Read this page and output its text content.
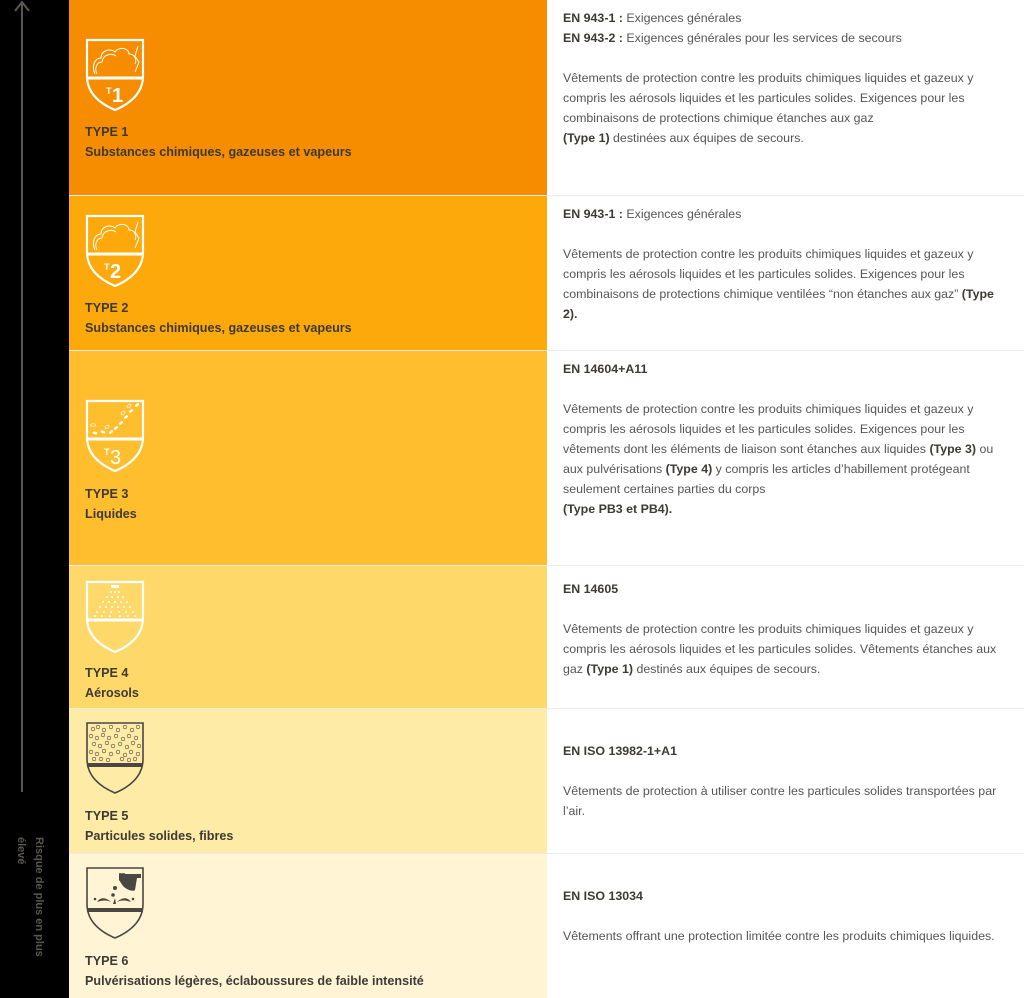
Risque de plus en plus
élevé
T 1
TYPE 1
Substances chimiques, gazeuses et vapeurs

EN 943-1 : Exigences générales

EN 943-2 : Exigences générales pour les services de secours

Vêtements de protection contre les produits chimiques liquides et gazeux y compris les aérosols liquides et les particules solides. Exigences pour les combinaisons de protections chimique étanches aux gaz
(Type 1) destinées aux équipes de secours.

T 2
TYPE 2
Substances chimiques, gazeuses et vapeurs

EN 943-1 : Exigences générales

Vêtements de protection contre les produits chimiques liquides et gazeux y compris les aérosols liquides et les particules solides. Exigences pour les combinaisons de protections chimique ventilées “non étanches aux gaz” (Type 2).

T 3
TYPE 3
Liquides

EN 14604+A11

Vêtements de protection contre les produits chimiques liquides et gazeux y compris les aérosols liquides et les particules solides. Exigences pour les vêtements dont les éléments de liaison sont étanches aux liquides (Type 3) ou aux pulvérisations (Type 4) y compris les articles d’habillement protégeant seulement certaines parties du corps
(Type PB3 et PB4).

TYPE 4
Aérosols

EN 14605

Vêtements de protection contre les produits chimiques liquides et gazeux y compris les aérosols liquides et les particules solides. Vêtements étanches aux gaz (Type 1) destinés aux équipes de secours.

TYPE 5
Particules solides, fibres

EN ISO 13982-1+A1

Vêtements de protection à utiliser contre les particules solides transportées par l’air.

TYPE 6
Pulvérisations légères, éclaboussures de faible intensité

EN ISO 13034

Vêtements offrant une protection limitée contre les produits chimiques liquides.
